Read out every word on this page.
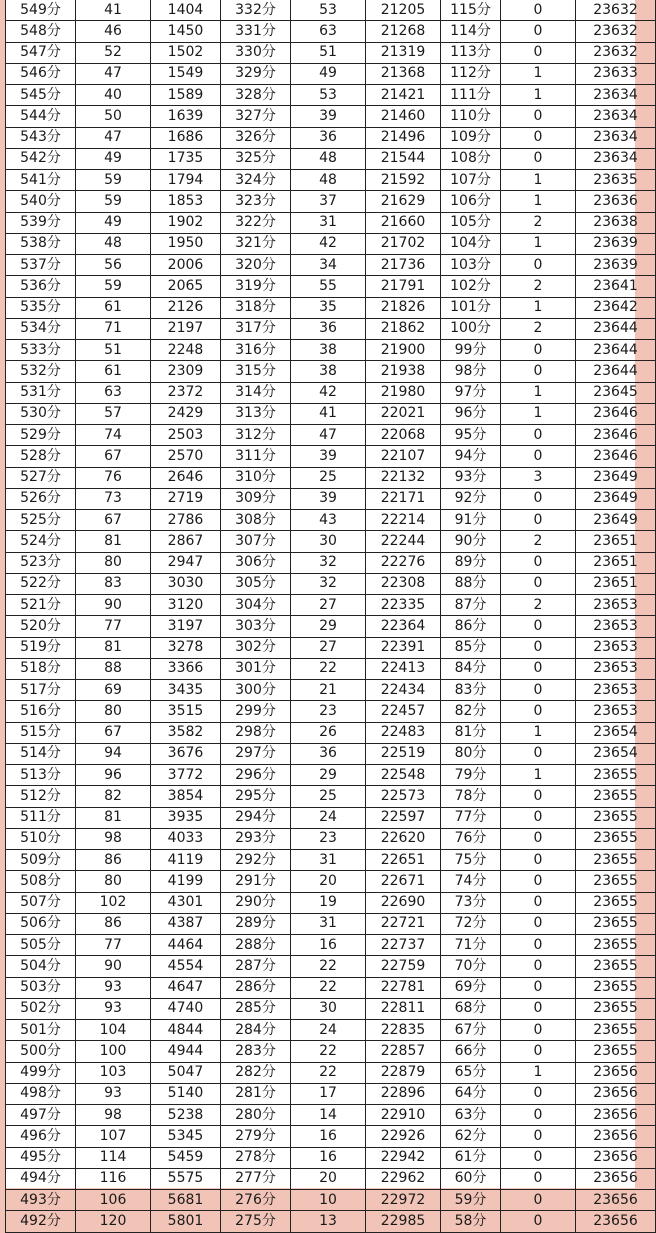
549分	41	1404	332分	53	21205	115分	0	23632
548分	46	1450	331分	63	21268	114分	0	23632
547分	52	1502	330分	51	21319	113分	0	23632
546分	47	1549	329分	49	21368	112分	1	23633
545分	40	1589	328分	53	21421	111分	1	23634
544分	50	1639	327分	39	21460	110分	0	23634
543分	47	1686	326分	36	21496	109分	0	23634
542分	49	1735	325分	48	21544	108分	0	23634
541分	59	1794	324分	48	21592	107分	1	23635
540分	59	1853	323分	37	21629	106分	1	23636
539分	49	1902	322分	31	21660	105分	2	23638
538分	48	1950	321分	42	21702	104分	1	23639
537分	56	2006	320分	34	21736	103分	0	23639
536分	59	2065	319分	55	21791	102分	2	23641
535分	61	2126	318分	35	21826	101分	1	23642
534分	71	2197	317分	36	21862	100分	2	23644
533分	51	2248	316分	38	21900	99分	0	23644
532分	61	2309	315分	38	21938	98分	0	23644
531分	63	2372	314分	42	21980	97分	1	23645
530分	57	2429	313分	41	22021	96分	1	23646
529分	74	2503	312分	47	22068	95分	0	23646
528分	67	2570	311分	39	22107	94分	0	23646
527分	76	2646	310分	25	22132	93分	3	23649
526分	73	2719	309分	39	22171	92分	0	23649
525分	67	2786	308分	43	22214	91分	0	23649
524分	81	2867	307分	30	22244	90分	2	23651
523分	80	2947	306分	32	22276	89分	0	23651
522分	83	3030	305分	32	22308	88分	0	23651
521分	90	3120	304分	27	22335	87分	2	23653
520分	77	3197	303分	29	22364	86分	0	23653
519分	81	3278	302分	27	22391	85分	0	23653
518分	88	3366	301分	22	22413	84分	0	23653
517分	69	3435	300分	21	22434	83分	0	23653
516分	80	3515	299分	23	22457	82分	0	23653
515分	67	3582	298分	26	22483	81分	1	23654
514分	94	3676	297分	36	22519	80分	0	23654
513分	96	3772	296分	29	22548	79分	1	23655
512分	82	3854	295分	25	22573	78分	0	23655
511分	81	3935	294分	24	22597	77分	0	23655
510分	98	4033	293分	23	22620	76分	0	23655
509分	86	4119	292分	31	22651	75分	0	23655
508分	80	4199	291分	20	22671	74分	0	23655
507分	102	4301	290分	19	22690	73分	0	23655
506分	86	4387	289分	31	22721	72分	0	23655
505分	77	4464	288分	16	22737	71分	0	23655
504分	90	4554	287分	22	22759	70分	0	23655
503分	93	4647	286分	22	22781	69分	0	23655
502分	93	4740	285分	30	22811	68分	0	23655
501分	104	4844	284分	24	22835	67分	0	23655
500分	100	4944	283分	22	22857	66分	0	23655
499分	103	5047	282分	22	22879	65分	1	23656
498分	93	5140	281分	17	22896	64分	0	23656
497分	98	5238	280分	14	22910	63分	0	23656
496分	107	5345	279分	16	22926	62分	0	23656
495分	114	5459	278分	16	22942	61分	0	23656
494分	116	5575	277分	20	22962	60分	0	23656
493分	106	5681	276分	10	22972	59分	0	23656
492分	120	5801	275分	13	22985	58分	0	23656
